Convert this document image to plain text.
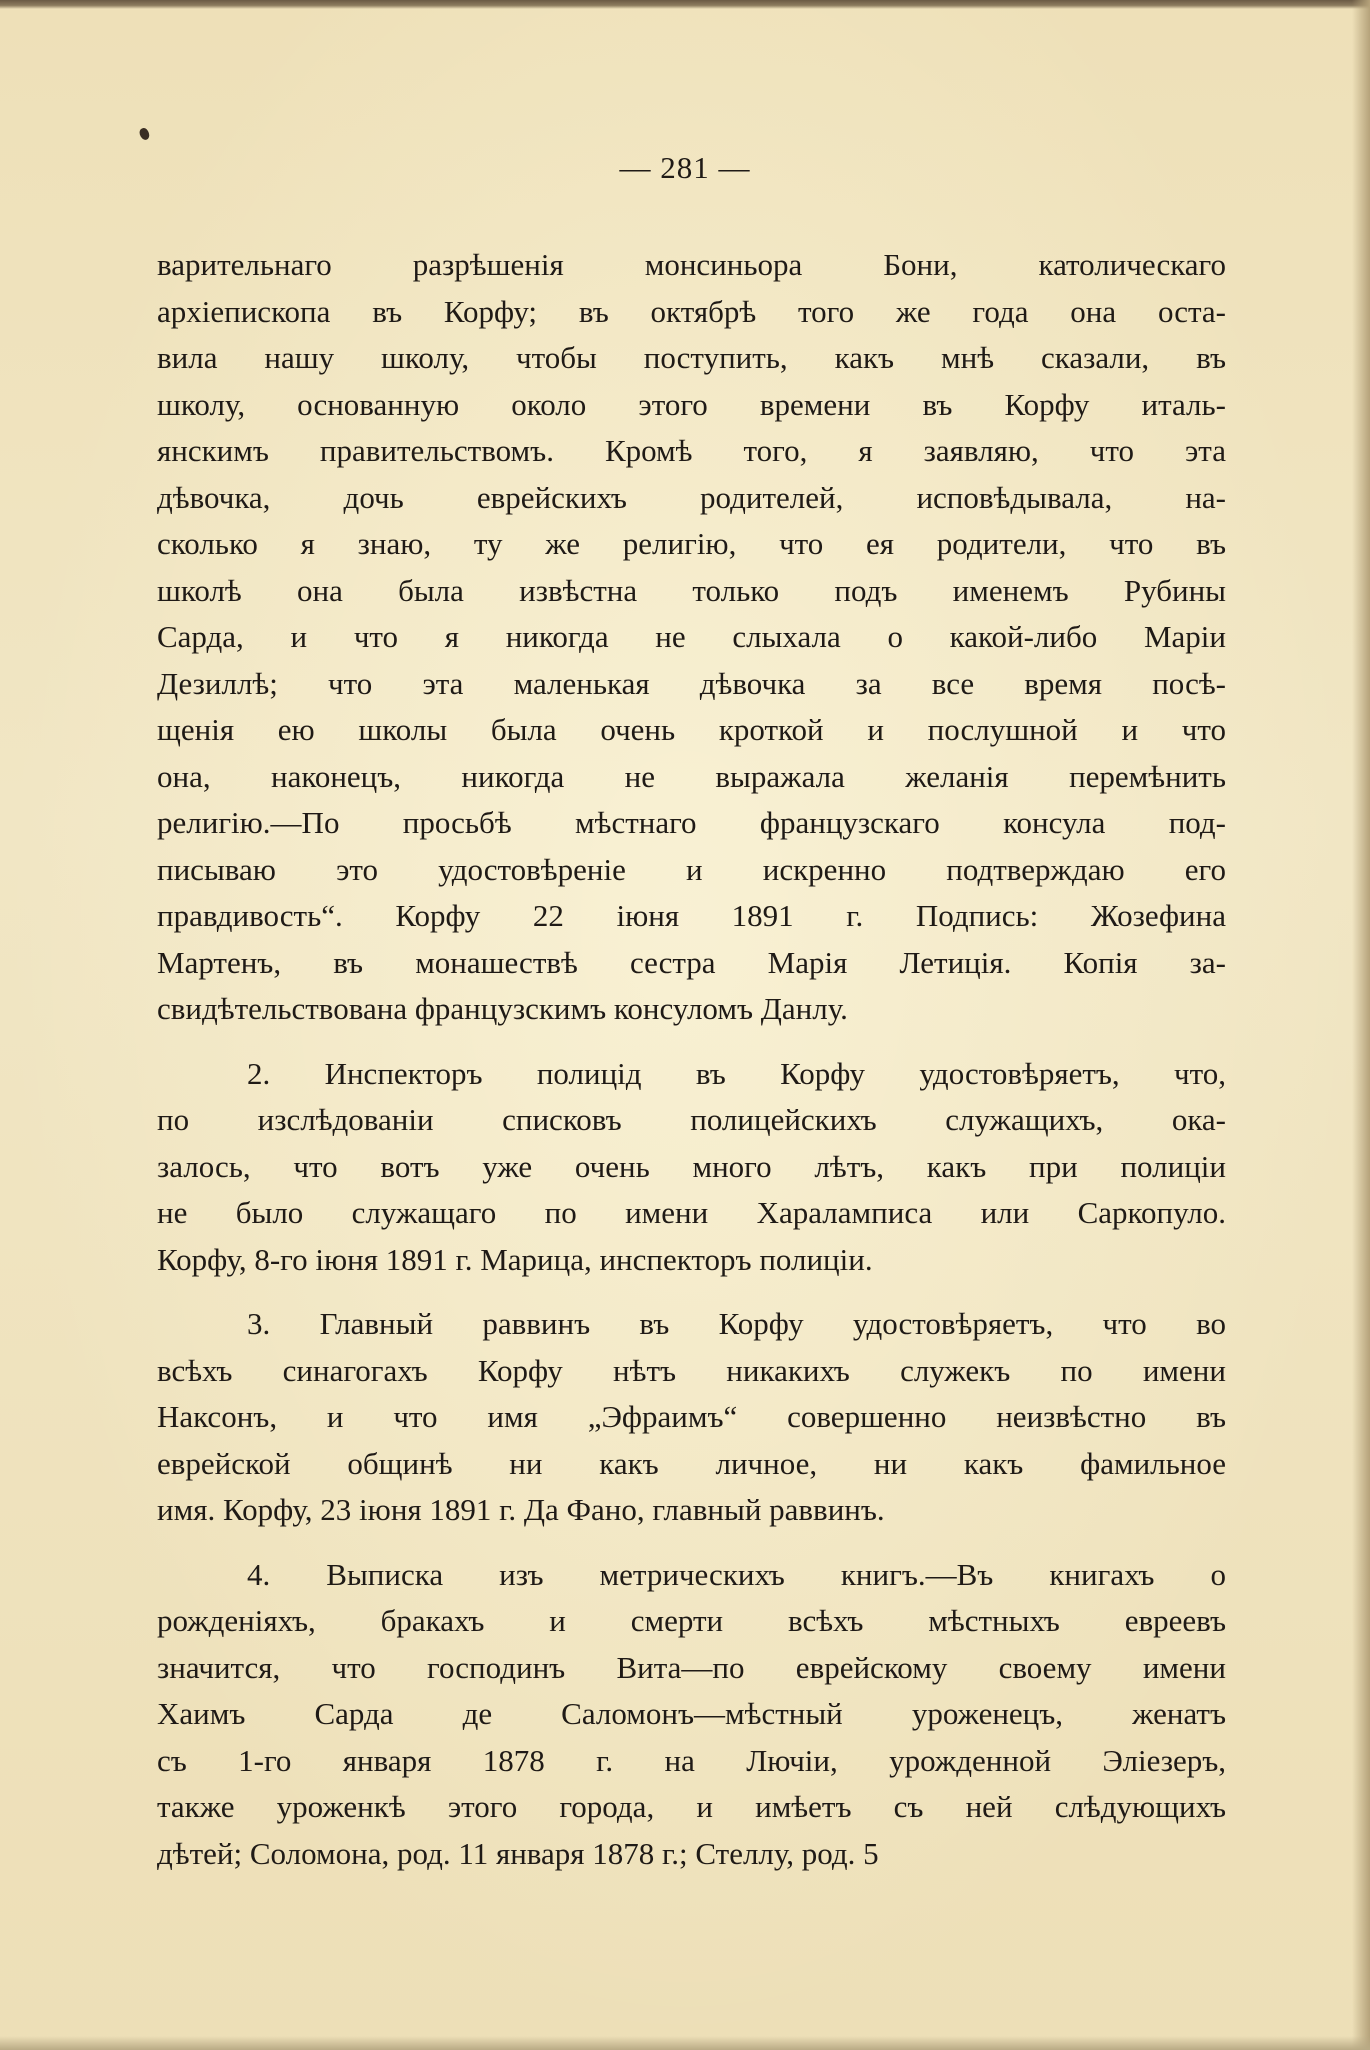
— 281 —
варительнаго разрѣшенія монсиньора Бони, католическаго
архіепископа въ Корфу; въ октябрѣ того же года она оста-
вила нашу школу, чтобы поступить, какъ мнѣ сказали, въ
школу, основанную около этого времени въ Корфу италь-
янскимъ правительствомъ. Кромѣ того, я заявляю, что эта
дѣвочка, дочь еврейскихъ родителей, исповѣдывала, на-
сколько я знаю, ту же религію, что ея родители, что въ
школѣ она была извѣстна только подъ именемъ Рубины
Сарда, и что я никогда не слыхала о какой-либо Маріи
Дезиллѣ; что эта маленькая дѣвочка за все время посѣ-
щенія ею школы была очень кроткой и послушной и что
она, наконецъ, никогда не выражала желанія перемѣнить
религію.—По просьбѣ мѣстнаго французскаго консула под-
писываю это удостовѣреніе и искренно подтверждаю его
правдивость“. Корфу 22 іюня 1891 г. Подпись: Жозефина
Мартенъ, въ монашествѣ сестра Марія Летиція. Копія за-
свидѣтельствована французскимъ консуломъ Данлу.
2. Инспекторъ полицід въ Корфу удостовѣряетъ, что,
по изслѣдованіи списковъ полицейскихъ служащихъ, ока-
залось, что вотъ уже очень много лѣтъ, какъ при полиціи
не было служащаго по имени Хараламписа или Саркопуло.
Корфу, 8-го іюня 1891 г. Марица, инспекторъ полиціи.
3. Главный раввинъ въ Корфу удостовѣряетъ, что во
всѣхъ синагогахъ Корфу нѣтъ никакихъ служекъ по имени
Наксонъ, и что имя „Эфраимъ“ совершенно неизвѣстно въ
еврейской общинѣ ни какъ личное, ни какъ фамильное
имя. Корфу, 23 іюня 1891 г. Да Фано, главный раввинъ.
4. Выписка изъ метрическихъ книгъ.—Въ книгахъ о
рожденіяхъ, бракахъ и смерти всѣхъ мѣстныхъ евреевъ
значится, что господинъ Вита—по еврейскому своему имени
Хаимъ Сарда де Саломонъ—мѣстный уроженецъ, женатъ
съ 1-го января 1878 г. на Лючіи, урожденной Эліезеръ,
также уроженкѣ этого города, и имѣетъ съ ней слѣдующихъ
дѣтей; Соломона, род. 11 января 1878 г.; Стеллу, род. 5
